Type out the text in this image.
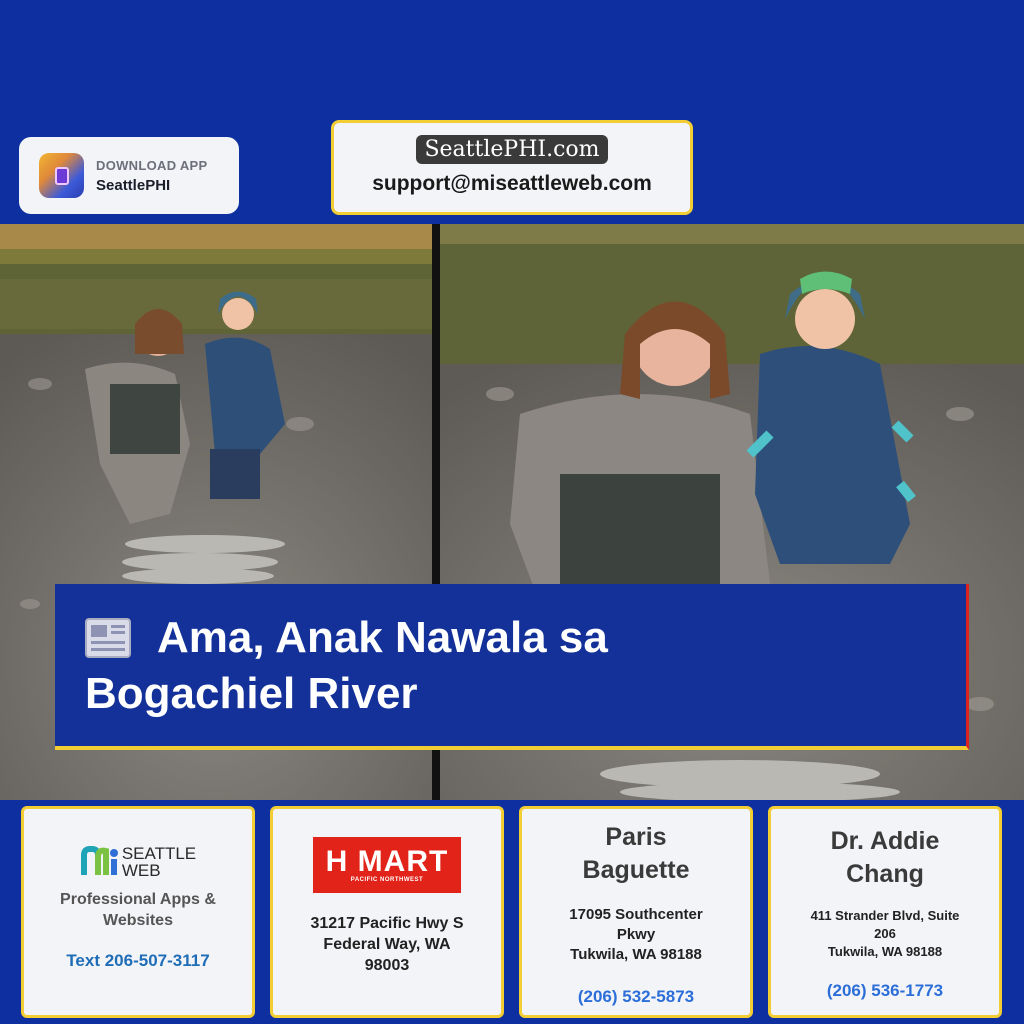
DOWNLOAD APP
SeattlePHI
SeattlePHI.com
support@miseattleweb.com
Ama, Anak Nawala sa
Bogachiel River
SEATTLE
WEB
Professional Apps & Websites
Text 206-507-3117
H MART
PACIFIC NORTHWEST
31217 Pacific Hwy S
Federal Way, WA
98003
Paris
Baguette
17095 Southcenter
Pkwy
Tukwila, WA 98188
(206) 532-5873
Dr. Addie
Chang
411 Strander Blvd, Suite
206
Tukwila, WA 98188
(206) 536-1773
